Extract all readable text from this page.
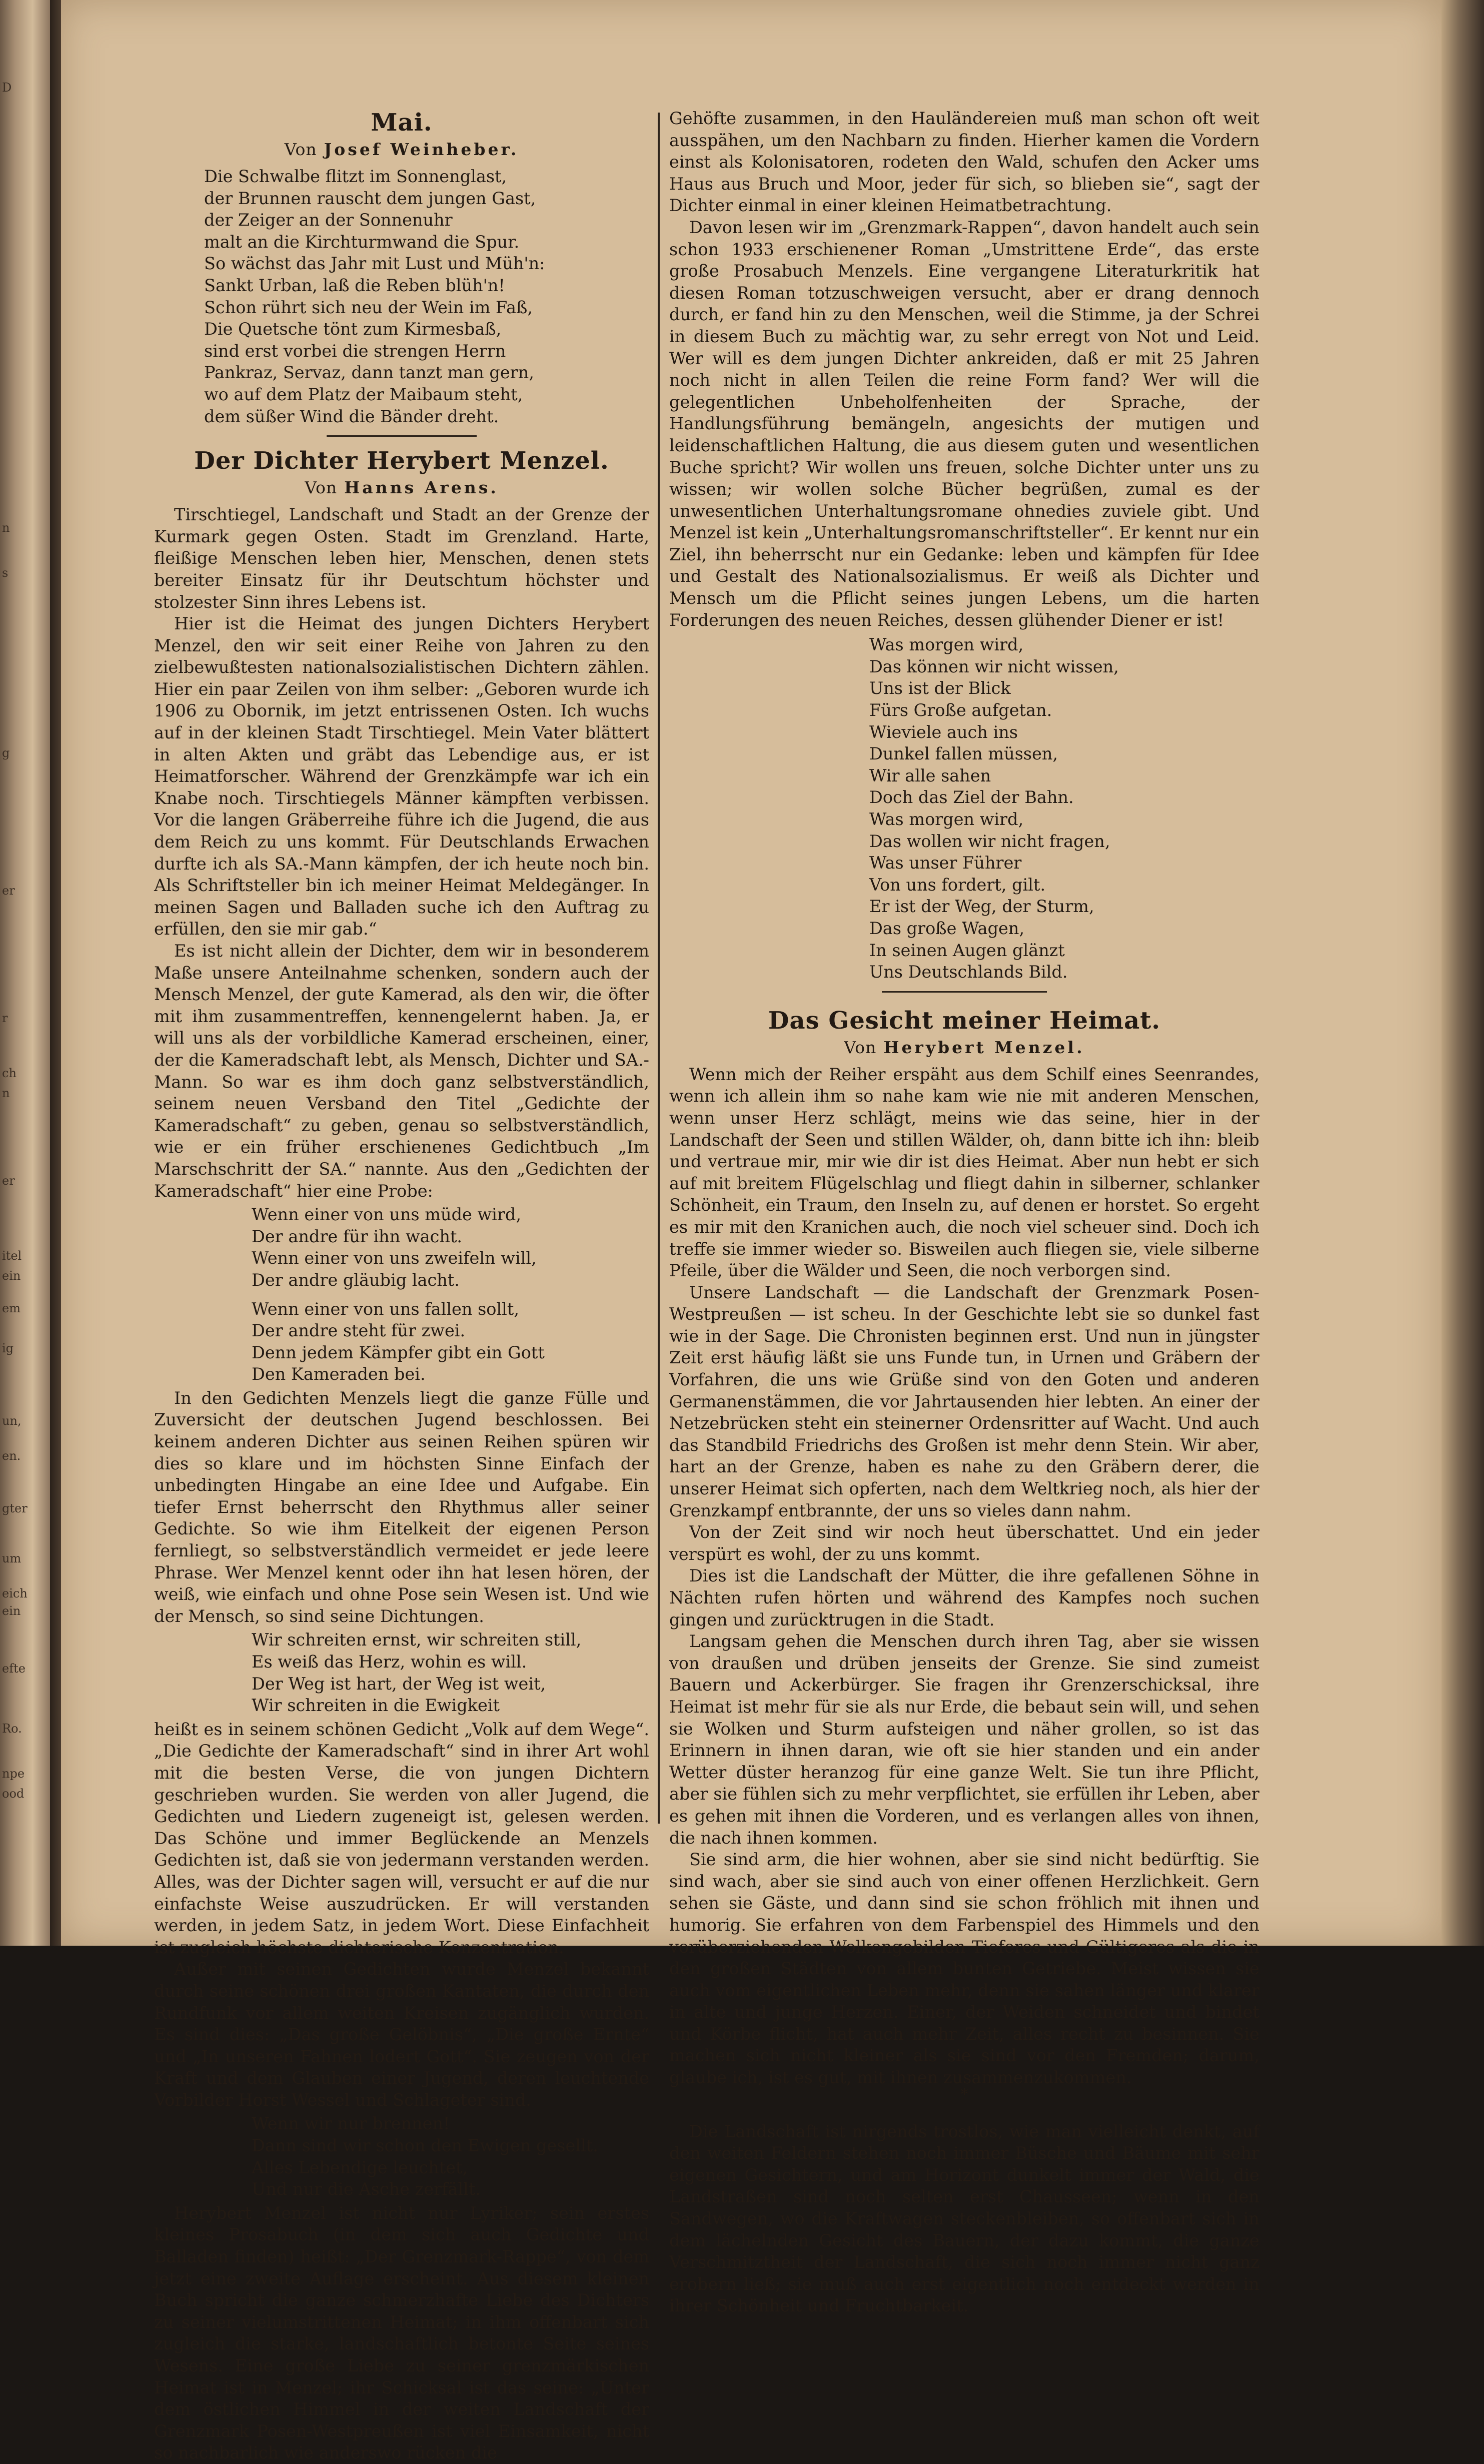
D
n
s
g
er
r
ch
n
er
itel
ein
em
ig
un,
en.
gter
um
eich
ein
efte
Ro.
npe
ood
Mai.
Von Josef Weinheber.
Die Schwalbe flitzt im Sonnenglast,
der Brunnen rauscht dem jungen Gast,
der Zeiger an der Sonnenuhr
malt an die Kirchturmwand die Spur.
So wächst das Jahr mit Lust und Müh'n:
Sankt Urban, laß die Reben blüh'n!
Schon rührt sich neu der Wein im Faß,
Die Quetsche tönt zum Kirmesbaß,
sind erst vorbei die strengen Herrn
Pankraz, Servaz, dann tanzt man gern,
wo auf dem Platz der Maibaum steht,
dem süßer Wind die Bänder dreht.
Der Dichter Herybert Menzel.
Von Hanns Arens.

Tirschtiegel, Landschaft und Stadt an der Grenze der Kurmark gegen Osten. Stadt im Grenzland. Harte, fleißige Menschen leben hier, Menschen, denen stets bereiter Einsatz für ihr Deutschtum höchster und stolzester Sinn ihres Lebens ist.

Hier ist die Heimat des jungen Dichters Herybert Menzel, den wir seit einer Reihe von Jahren zu den zielbewußtesten nationalsozialistischen Dichtern zählen. Hier ein paar Zeilen von ihm selber: „Geboren wurde ich 1906 zu Obornik, im jetzt entrissenen Osten. Ich wuchs auf in der kleinen Stadt Tirschtiegel. Mein Vater blättert in alten Akten und gräbt das Lebendige aus, er ist Heimatforscher. Während der Grenzkämpfe war ich ein Knabe noch. Tirschtiegels Männer kämpften verbissen. Vor die langen Gräberreihe führe ich die Jugend, die aus dem Reich zu uns kommt. Für Deutschlands Erwachen durfte ich als SA.-Mann kämpfen, der ich heute noch bin. Als Schriftsteller bin ich meiner Heimat Meldegänger. In meinen Sagen und Balladen suche ich den Auftrag zu erfüllen, den sie mir gab.“

Es ist nicht allein der Dichter, dem wir in besonderem Maße unsere Anteilnahme schenken, sondern auch der Mensch Menzel, der gute Kamerad, als den wir, die öfter mit ihm zusammentreffen, kennengelernt haben. Ja, er will uns als der vorbildliche Kamerad erscheinen, einer, der die Kameradschaft lebt, als Mensch, Dichter und SA.-Mann. So war es ihm doch ganz selbstverständlich, seinem neuen Versband den Titel „Gedichte der Kameradschaft“ zu geben, genau so selbstverständlich, wie er ein früher erschienenes Gedichtbuch „Im Marschschritt der SA.“ nannte. Aus den „Gedichten der Kameradschaft“ hier eine Probe:

Wenn einer von uns müde wird,
Der andre für ihn wacht.
Wenn einer von uns zweifeln will,
Der andre gläubig lacht.
Wenn einer von uns fallen sollt,
Der andre steht für zwei.
Denn jedem Kämpfer gibt ein Gott
Den Kameraden bei.

In den Gedichten Menzels liegt die ganze Fülle und Zuversicht der deutschen Jugend beschlossen. Bei keinem anderen Dichter aus seinen Reihen spüren wir dies so klare und im höchsten Sinne Einfach der unbedingten Hingabe an eine Idee und Aufgabe. Ein tiefer Ernst beherrscht den Rhythmus aller seiner Gedichte. So wie ihm Eitelkeit der eigenen Person fernliegt, so selbstverständlich vermeidet er jede leere Phrase. Wer Menzel kennt oder ihn hat lesen hören, der weiß, wie einfach und ohne Pose sein Wesen ist. Und wie der Mensch, so sind seine Dichtungen.

Wir schreiten ernst, wir schreiten still,
Es weiß das Herz, wohin es will.
Der Weg ist hart, der Weg ist weit,
Wir schreiten in die Ewigkeit

heißt es in seinem schönen Gedicht „Volk auf dem Wege“. „Die Gedichte der Kameradschaft“ sind in ihrer Art wohl mit die besten Verse, die von jungen Dichtern geschrieben wurden. Sie werden von aller Jugend, die Gedichten und Liedern zugeneigt ist, gelesen werden. Das Schöne und immer Beglückende an Menzels Gedichten ist, daß sie von jedermann verstanden werden. Alles, was der Dichter sagen will, versucht er auf die nur einfachste Weise auszudrücken. Er will verstanden werden, in jedem Satz, in jedem Wort. Diese Einfachheit ist zugleich höchste dichterische Konzentration.

Außer mit seinen Gedichten wurde Menzel bekannt durch seine schönen drei großen Kantaten, die durch den Rundfunk vor allem weiten Kreisen zugänglich wurden. Es sind dies: „Das große Gelöbnis“, „Die große Ernte“ und „In unseren Fahnen lodert Gott“. Sie zeugen von der Kraft und dem Glauben einer Jugend, deren leuchtende Vorbilder Horst Wessel und Schlageter sind.

Wenn wir nur brennen!
Dann sind wir schon den Ewigen gesellt.
Alles Lebendige leuchtet,
Und nur die Asche zerfällt.

Herybert Menzel ist nicht nur Lyriker; sein erstes kleines Prosabuch (in dem sich auch Gedichte und Balladen finden) heißt: „Der Grenzmark-Rappe“, von dem jetzt eine zweite Auflage erscheint. Aus diesem kleinen Buch spricht die ganze schmerzhafte Liebe des Dichters zu seiner vielumstrittenen Heimat; in ihm offenbart sich zugleich die starke, landschaftlich betonte Seite seines Wesens. Eine große Liebe zu seiner grenzmärkischen Heimat ist in Menzel; ihr Schicksal ist das seine: „Unter dem östlichen Himmel in der weiten Landschaft der Grenzmark Posen-Westpreußen ist viel Einsamkeit, nicht so nachbarlich wie anderswo rücken die

Gehöfte zusammen, in den Hauländereien muß man schon oft weit ausspähen, um den Nachbarn zu finden. Hierher kamen die Vordern einst als Kolonisatoren, rodeten den Wald, schufen den Acker ums Haus aus Bruch und Moor, jeder für sich, so blieben sie“, sagt der Dichter einmal in einer kleinen Heimatbetrachtung.

Davon lesen wir im „Grenzmark-Rappen“, davon handelt auch sein schon 1933 erschienener Roman „Umstrittene Erde“, das erste große Prosabuch Menzels. Eine vergangene Literaturkritik hat diesen Roman totzuschweigen versucht, aber er drang dennoch durch, er fand hin zu den Menschen, weil die Stimme, ja der Schrei in diesem Buch zu mächtig war, zu sehr erregt von Not und Leid. Wer will es dem jungen Dichter ankreiden, daß er mit 25 Jahren noch nicht in allen Teilen die reine Form fand? Wer will die gelegentlichen Unbeholfenheiten der Sprache, der Handlungsführung bemängeln, angesichts der mutigen und leidenschaftlichen Haltung, die aus diesem guten und wesentlichen Buche spricht? Wir wollen uns freuen, solche Dichter unter uns zu wissen; wir wollen solche Bücher begrüßen, zumal es der unwesentlichen Unterhaltungsromane ohnedies zuviele gibt. Und Menzel ist kein „Unterhaltungsromanschriftsteller“. Er kennt nur ein Ziel, ihn beherrscht nur ein Gedanke: leben und kämpfen für Idee und Gestalt des Nationalsozialismus. Er weiß als Dichter und Mensch um die Pflicht seines jungen Lebens, um die harten Forderungen des neuen Reiches, dessen glühender Diener er ist!

Was morgen wird,
Das können wir nicht wissen,
Uns ist der Blick
Fürs Große aufgetan.
Wieviele auch ins
Dunkel fallen müssen,
Wir alle sahen
Doch das Ziel der Bahn.
Was morgen wird,
Das wollen wir nicht fragen,
Was unser Führer
Von uns fordert, gilt.
Er ist der Weg, der Sturm,
Das große Wagen,
In seinen Augen glänzt
Uns Deutschlands Bild.
Das Gesicht meiner Heimat.
Von Herybert Menzel.

Wenn mich der Reiher erspäht aus dem Schilf eines Seenrandes, wenn ich allein ihm so nahe kam wie nie mit anderen Menschen, wenn unser Herz schlägt, meins wie das seine, hier in der Landschaft der Seen und stillen Wälder, oh, dann bitte ich ihn: bleib und vertraue mir, mir wie dir ist dies Heimat. Aber nun hebt er sich auf mit breitem Flügelschlag und fliegt dahin in silberner, schlanker Schönheit, ein Traum, den Inseln zu, auf denen er horstet. So ergeht es mir mit den Kranichen auch, die noch viel scheuer sind. Doch ich treffe sie immer wieder so. Bisweilen auch fliegen sie, viele silberne Pfeile, über die Wälder und Seen, die noch verborgen sind.

Unsere Landschaft — die Landschaft der Grenzmark Posen-Westpreußen — ist scheu. In der Geschichte lebt sie so dunkel fast wie in der Sage. Die Chronisten beginnen erst. Und nun in jüngster Zeit erst häufig läßt sie uns Funde tun, in Urnen und Gräbern der Vorfahren, die uns wie Grüße sind von den Goten und anderen Germanenstämmen, die vor Jahrtausenden hier lebten. An einer der Netzebrücken steht ein steinerner Ordensritter auf Wacht. Und auch das Standbild Friedrichs des Großen ist mehr denn Stein. Wir aber, hart an der Grenze, haben es nahe zu den Gräbern derer, die unserer Heimat sich opferten, nach dem Weltkrieg noch, als hier der Grenzkampf entbrannte, der uns so vieles dann nahm.

Von der Zeit sind wir noch heut überschattet. Und ein jeder verspürt es wohl, der zu uns kommt.

Dies ist die Landschaft der Mütter, die ihre gefallenen Söhne in Nächten rufen hörten und während des Kampfes noch suchen gingen und zurücktrugen in die Stadt.

Langsam gehen die Menschen durch ihren Tag, aber sie wissen von draußen und drüben jenseits der Grenze. Sie sind zumeist Bauern und Ackerbürger. Sie fragen ihr Grenzerschicksal, ihre Heimat ist mehr für sie als nur Erde, die bebaut sein will, und sehen sie Wolken und Sturm aufsteigen und näher grollen, so ist das Erinnern in ihnen daran, wie oft sie hier standen und ein ander Wetter düster heranzog für eine ganze Welt. Sie tun ihre Pflicht, aber sie fühlen sich zu mehr verpflichtet, sie erfüllen ihr Leben, aber es gehen mit ihnen die Vorderen, und es verlangen alles von ihnen, die nach ihnen kommen.

Sie sind arm, die hier wohnen, aber sie sind nicht bedürftig. Sie sind wach, aber sie sind auch von einer offenen Herzlichkeit. Gern sehen sie Gäste, und dann sind sie schon fröhlich mit ihnen und humorig. Sie erfahren von dem Farbenspiel des Himmels und den vorüberziehenden Wolkengebilden Tieferes und Gültigeres als die in den großen Städten von allem bunten Getriebe. Meist wissen sie auch vom eigentlichen Leben mehr, denn sie sahen länger und klarer in alte und junge Herzen. Einer, der Weiden schneidet und bindet und Körbe flicht, hat auch mehr Zeit, alles recht zu besinnen. Sie machen sich nicht kleiner als sie sind vor den Fremden; darum, glaube ich, ist es gut, mit ihnen zusammenzukommen.

*

Die Landschaft ist nirgends trostlos, wie man vielleicht denkt, auf den weiten Feldern stehen noch immer Büsche und Bäume mit sehr eigenen Gesichtern, und am Horizont dunkelt immer der Wald, die Landstraßen sind noch selten erst Chausseen; wenn in den Sandwegen, wo die Kraftwagen steckenbleiben, so offenbart sich in dem lächelnden Gesicht des Bauern, der dazu kommt, die ganze Verschmitztheit der Landschaft, die sich noch immer nicht ganz erobern ließ; sie muß auch erst eigentlich noch entdeckt werden in ihrer Schönheit und Fruchtbarkeit.
